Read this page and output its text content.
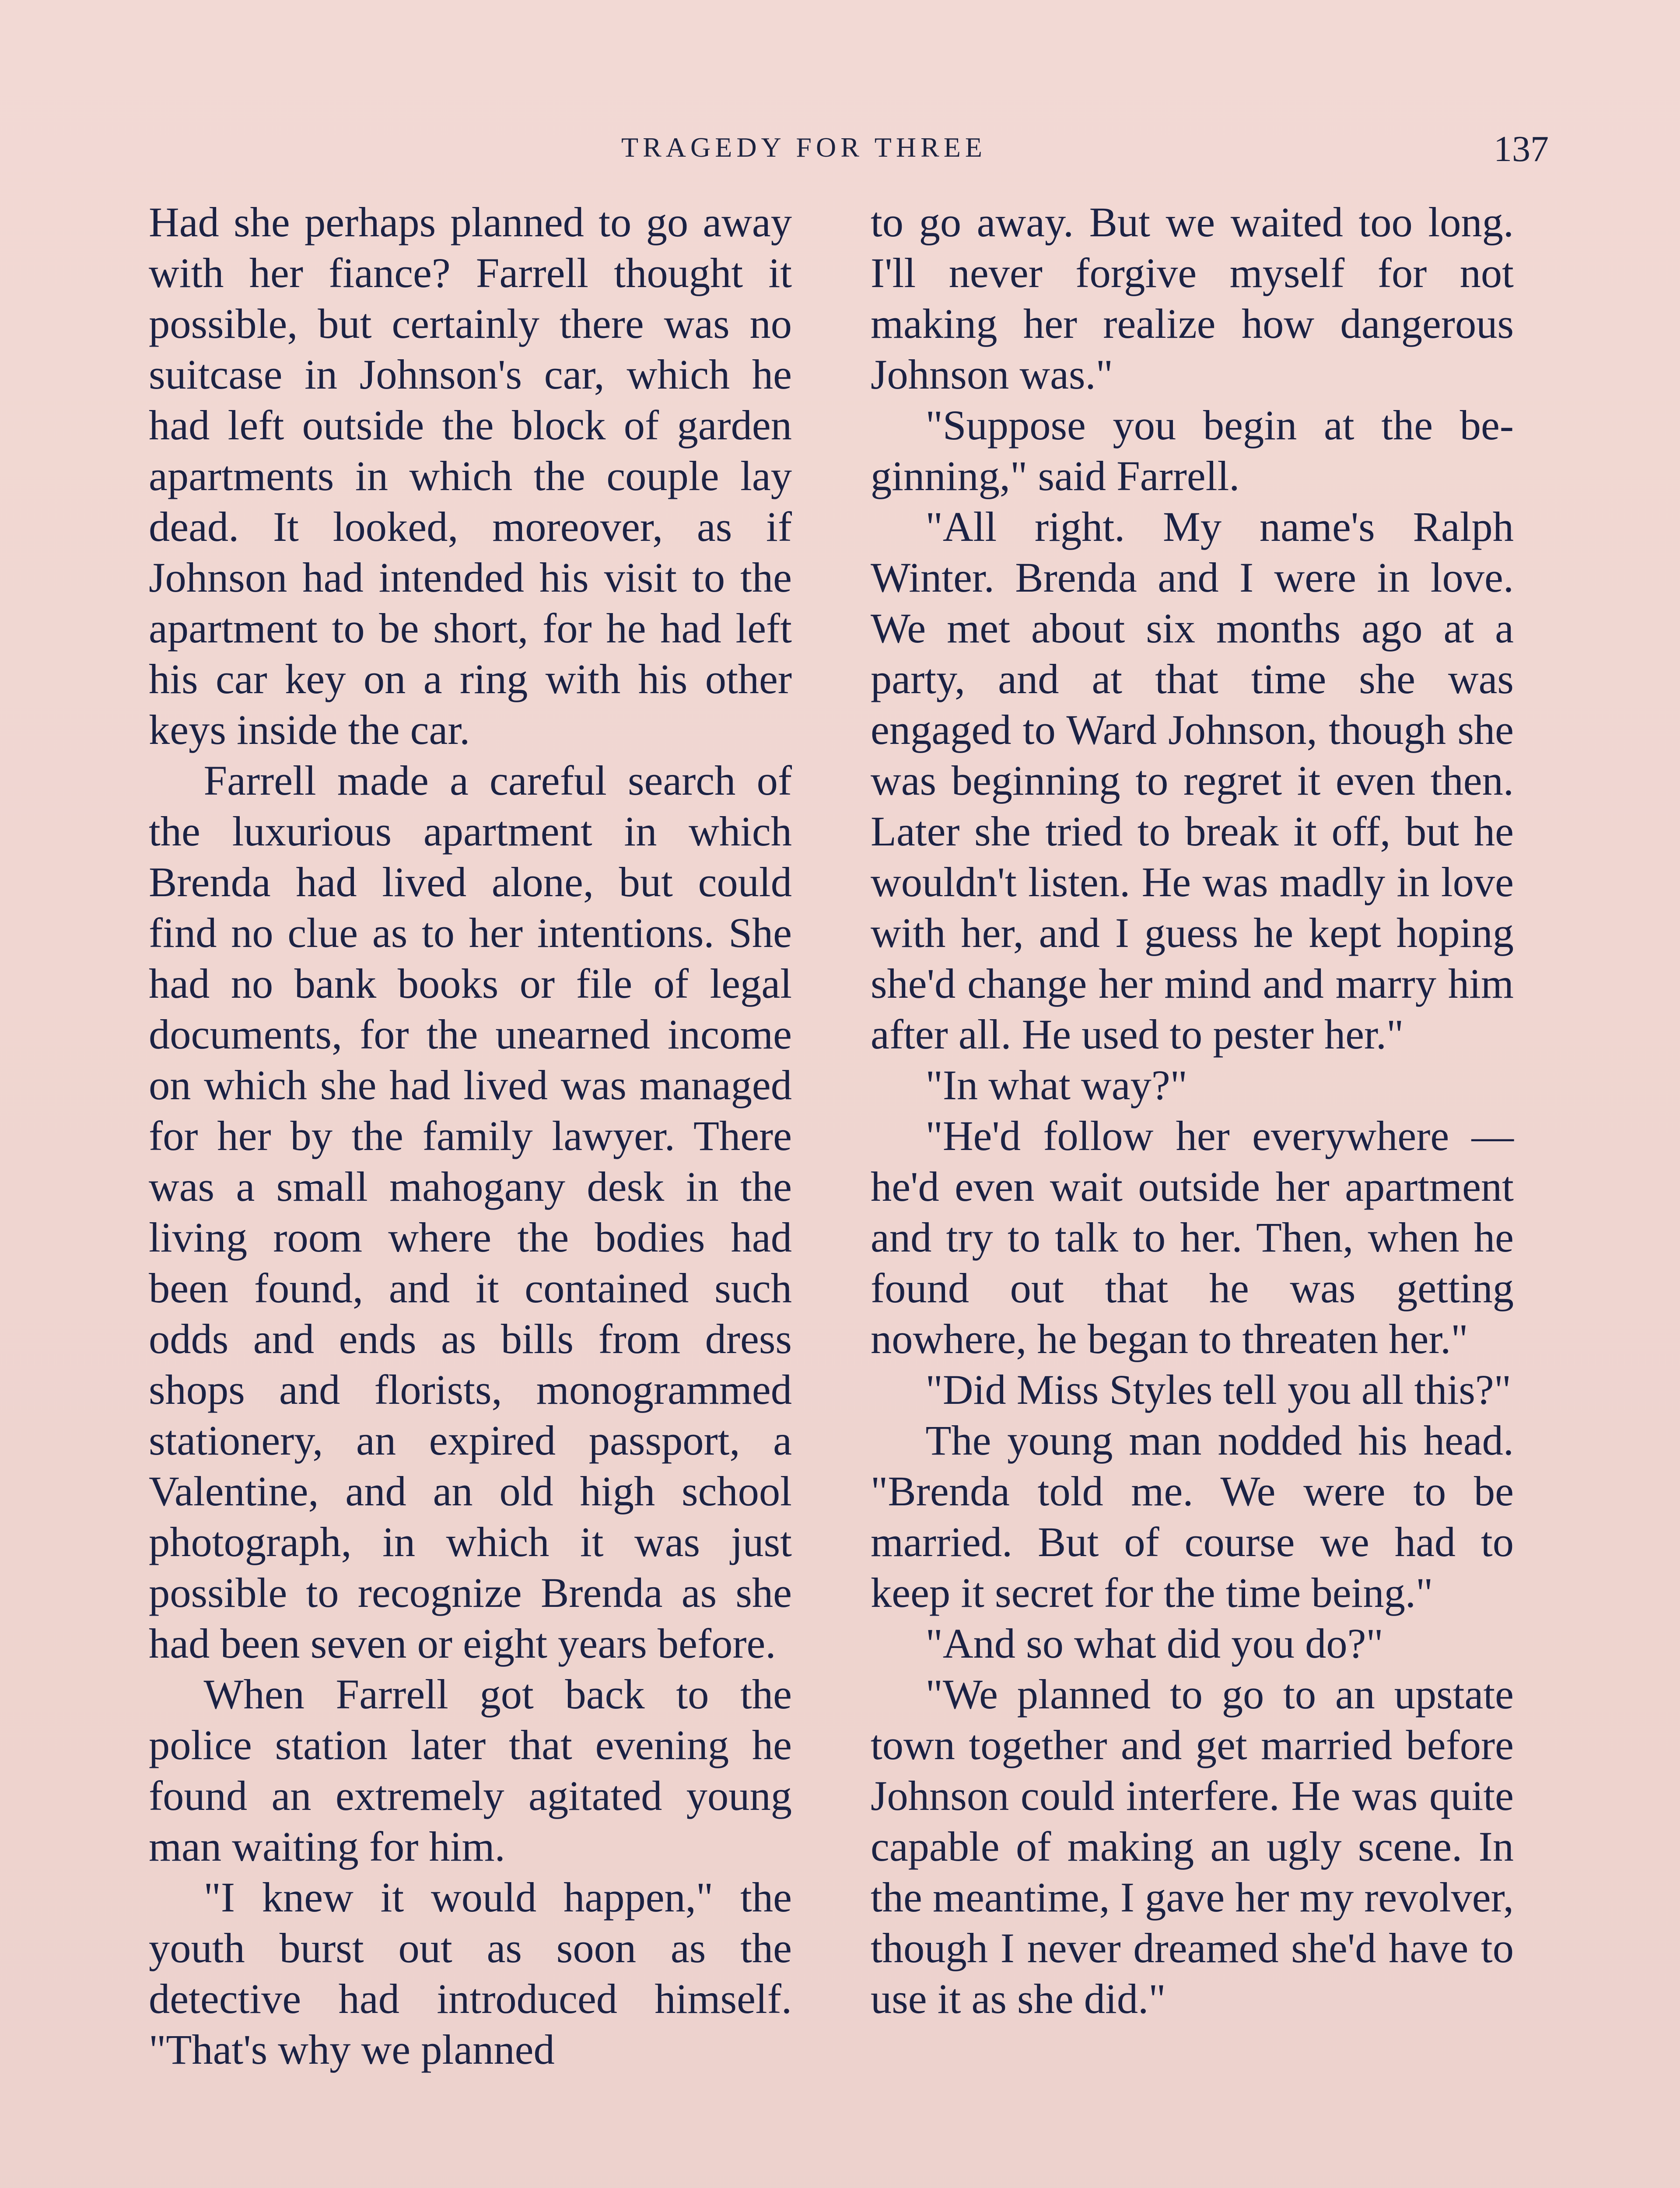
TRAGEDY FOR THREE	137

Had she perhaps planned to go away with her fiance? Farrell thought it possible, but certainly there was no suitcase in Johnson's car, which he had left outside the block of garden apartments in which the couple lay dead. It looked, moreover, as if Johnson had intended his visit to the apartment to be short, for he had left his car key on a ring with his other keys inside the car.

Farrell made a careful search of the luxurious apartment in which Brenda had lived alone, but could find no clue as to her intentions. She had no bank books or file of legal documents, for the unearned income on which she had lived was managed for her by the family lawyer. There was a small mahogany desk in the living room where the bodies had been found, and it contained such odds and ends as bills from dress shops and florists, monogrammed stationery, an expired passport, a Valentine, and an old high school photograph, in which it was just possible to recognize Brenda as she had been seven or eight years before.

When Farrell got back to the police station later that evening he found an extremely agitated young man waiting for him.

"I knew it would happen," the youth burst out as soon as the detective had introduced himself. "That's why we planned

to go away. But we waited too long. I'll never forgive myself for not making her realize how dangerous Johnson was."

"Suppose you begin at the beginning," said Farrell.

"All right. My name's Ralph Winter. Brenda and I were in love. We met about six months ago at a party, and at that time she was engaged to Ward Johnson, though she was beginning to regret it even then. Later she tried to break it off, but he wouldn't listen. He was madly in love with her, and I guess he kept hoping she'd change her mind and marry him after all. He used to pester her."

"In what way?"

"He'd follow her everywhere —he'd even wait outside her apartment and try to talk to her. Then, when he found out that he was getting nowhere, he began to threaten her."

"Did Miss Styles tell you all this?"

The young man nodded his head. "Brenda told me. We were to be married. But of course we had to keep it secret for the time being."

"And so what did you do?"

"We planned to go to an upstate town together and get married before Johnson could interfere. He was quite capable of making an ugly scene. In the meantime, I gave her my revolver, though I never dreamed she'd have to use it as she did."
